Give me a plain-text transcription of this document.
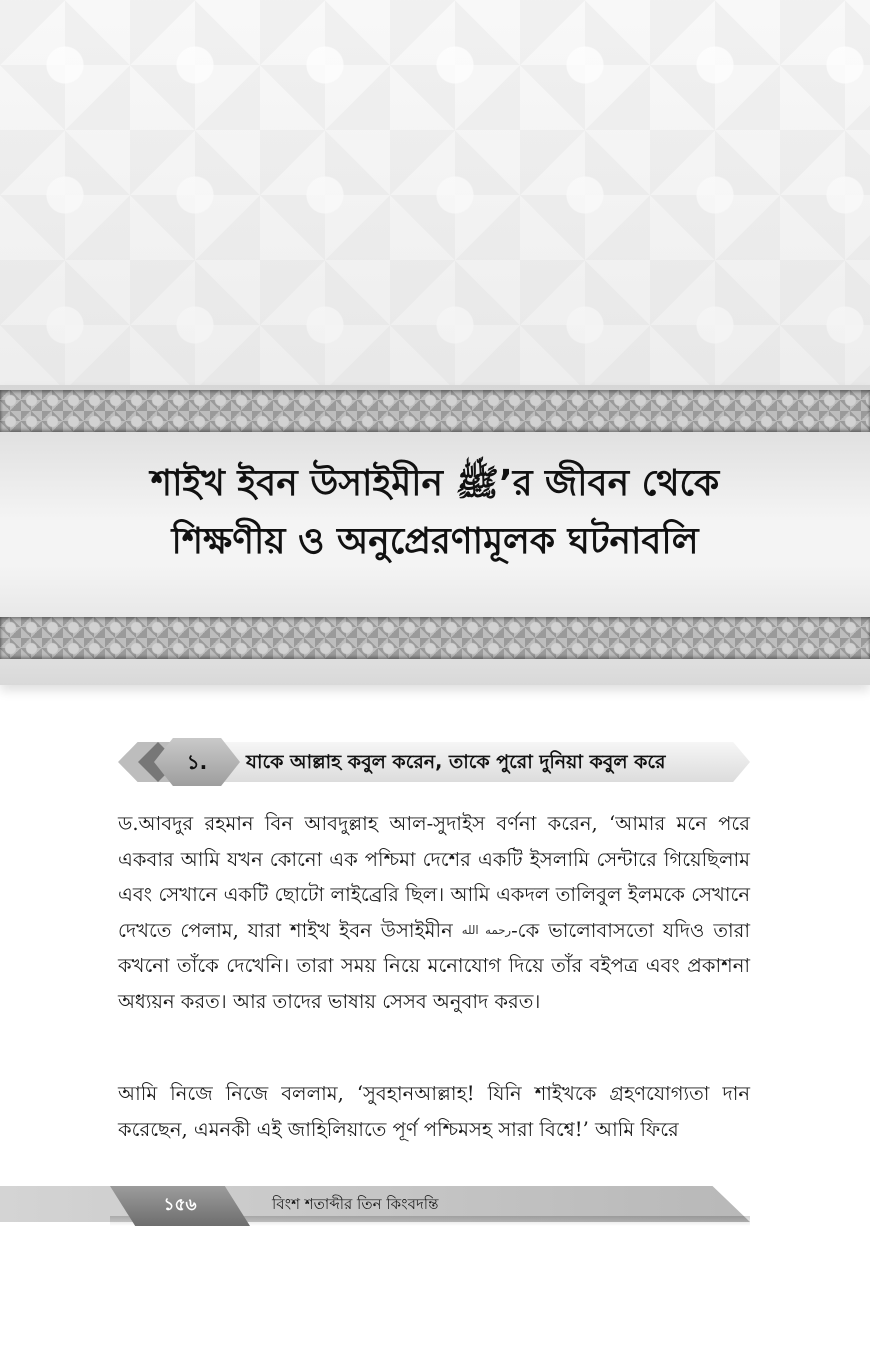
শাইখ ইবন উসাইমীন ﷺ’র জীবন থেকে
শিক্ষণীয় ও অনুপ্রেরণামূলক ঘটনাবলি
১.	যাকে আল্লাহ কবুল করেন, তাকে পুরো দুনিয়া কবুল করে

ড.আবদুর রহমান বিন আবদুল্লাহ আল-সুদাইস বর্ণনা করেন, ‘আমার মনে পরে একবার আমি যখন কোনো এক পশ্চিমা দেশের একটি ইসলামি সেন্টারে গিয়েছিলাম এবং সেখানে একটি ছোটো লাইব্রেরি ছিল। আমি একদল তালিবুল ইলমকে সেখানে দেখতে পেলাম, যারা শাইখ ইবন উসাইমীন رحمه الله-কে ভালোবাসতো যদিও তারা কখনো তাঁকে দেখেনি। তারা সময় নিয়ে মনোযোগ দিয়ে তাঁর বইপত্র এবং প্রকাশনা অধ্যয়ন করত। আর তাদের ভাষায় সেসব অনুবাদ করত।

আমি নিজে নিজে বললাম, ‘সুবহানআল্লাহ! যিনি শাইখকে গ্রহণযোগ্যতা দান করেছেন, এমনকী এই জাহিলিয়াতে পূর্ণ পশ্চিমসহ সারা বিশ্বে!’ আমি ফিরে

১৫৬	বিংশ শতাব্দীর তিন কিংবদন্তি
